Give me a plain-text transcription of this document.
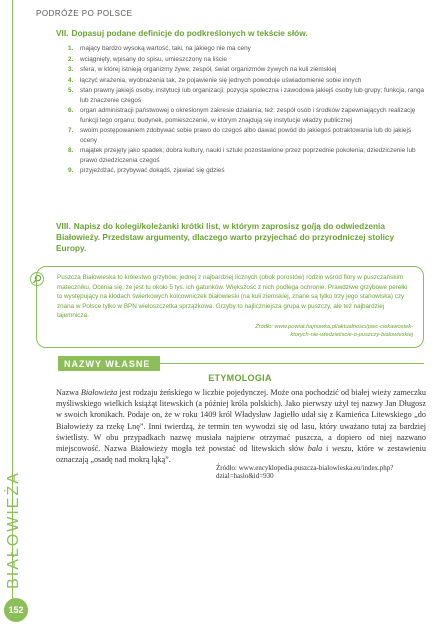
BIAŁOWIEŻA
152
PODRÓŻE PO POLSCE
VII. Dopasuj podane definicje do podkreślonych w tekście słów.
1. mający bardzo wysoką wartość, taki, na jakiego nie ma ceny
2. wciągnięty, wpisany do spisu, umieszczony na liście
3. sfera, w której istnieją organizmy żywe; zespół, świat organizmów żywych na kuli ziemskiej
4. łączyć wrażenia, wyobrażenia tak, że pojawienie się jednych powoduje uświadomienie sobie innych
5. stan prawny jakiejś osoby, instytucji lub organizacji; pozycja społeczna i zawodowa jakiejś osoby lub grupy; funkcja, ranga lub znaczenie czegoś
6. organ administracji państwowej o określonym zakresie działania; też: zespół osób i środków zapewniających realizację funkcji tego organu; budynek, pomieszczenie, w którym znajdują się instytucje władzy publicznej
7. swoim postępowaniem zdobywać sobie prawo do czegoś albo dawać powód do jakiegoś potraktowania lub do jakiejś oceny
8. majątek przejęty jako spadek; dobra kultury, nauki i sztuki pozostawione przez poprzednie pokolenia; dziedziczenie lub prawo dziedziczenia czegoś
9. przyjeżdżać, przybywać dokądś, zjawiać się gdzieś
VIII. Napisz do kolegi/koleżanki krótki list, w którym zaprosisz go/ją do odwiedzenia Białowieży. Przedstaw argumenty, dlaczego warto przyjechać do przyrodniczej stolicy Europy.

Puszcza Białowieska to królestwo grzybów, jednej z najbardziej licznych (obok porostów) rodzin wśród flory w puszczańskim mateczniku. Ocenia się, że jest tu około 5 tys. ich gatunków. Większość z nich podlega ochronie. Prawdziwe grzybowe perełki to występujący na kłodach świerkowych kolcowniczek białowieski (na kuli ziemskiej, znane są tylko trzy jego stanowiska) czy znana w Polsce tylko w BPN wieloszczetka sprzążkowa. Grzyby to najliczniejsza grupa w puszczy, ale też najbardziej tajemnicza.

Źródło: www.powiat.hajnowka.pl/aktualnosci/piec-ciekawostek-
ktorych-nie-wiedzieliscie-o-puszczy-bialowieskiej
NAZWY WŁASNE
ETYMOLOGIA
Nazwa Białowieża jest rodzaju żeńskiego w liczbie pojedynczej. Może ona pochodzić od białej wieży zameczku myśliwskiego wielkich książąt litewskich (a później króla polskich). Jako pierwszy użył tej nazwy Jan Długosz w swoich kronikach. Podaje on, że w roku 1409 król Władysław Jagiełło udał się z Kamieńca Litewskiego „do Białowieży za rzekę Lnę”. Inni twierdzą, że termin ten wywodzi się od lasu, który uważano tutaj za bardziej świetlisty. W obu przypadkach nazwę musiała najpierw otrzymać puszcza, a dopiero od niej nazwano miejscowość. Nazwa Białowieży mogła też powstać od litewskich słów bala i weszu, które w zestawieniu oznaczają „osadę nad mokrą łąką”.
Źródło: www.encyklopedia.puszcza-bialowieska.eu/index.php?dzial=haslo&id=930
